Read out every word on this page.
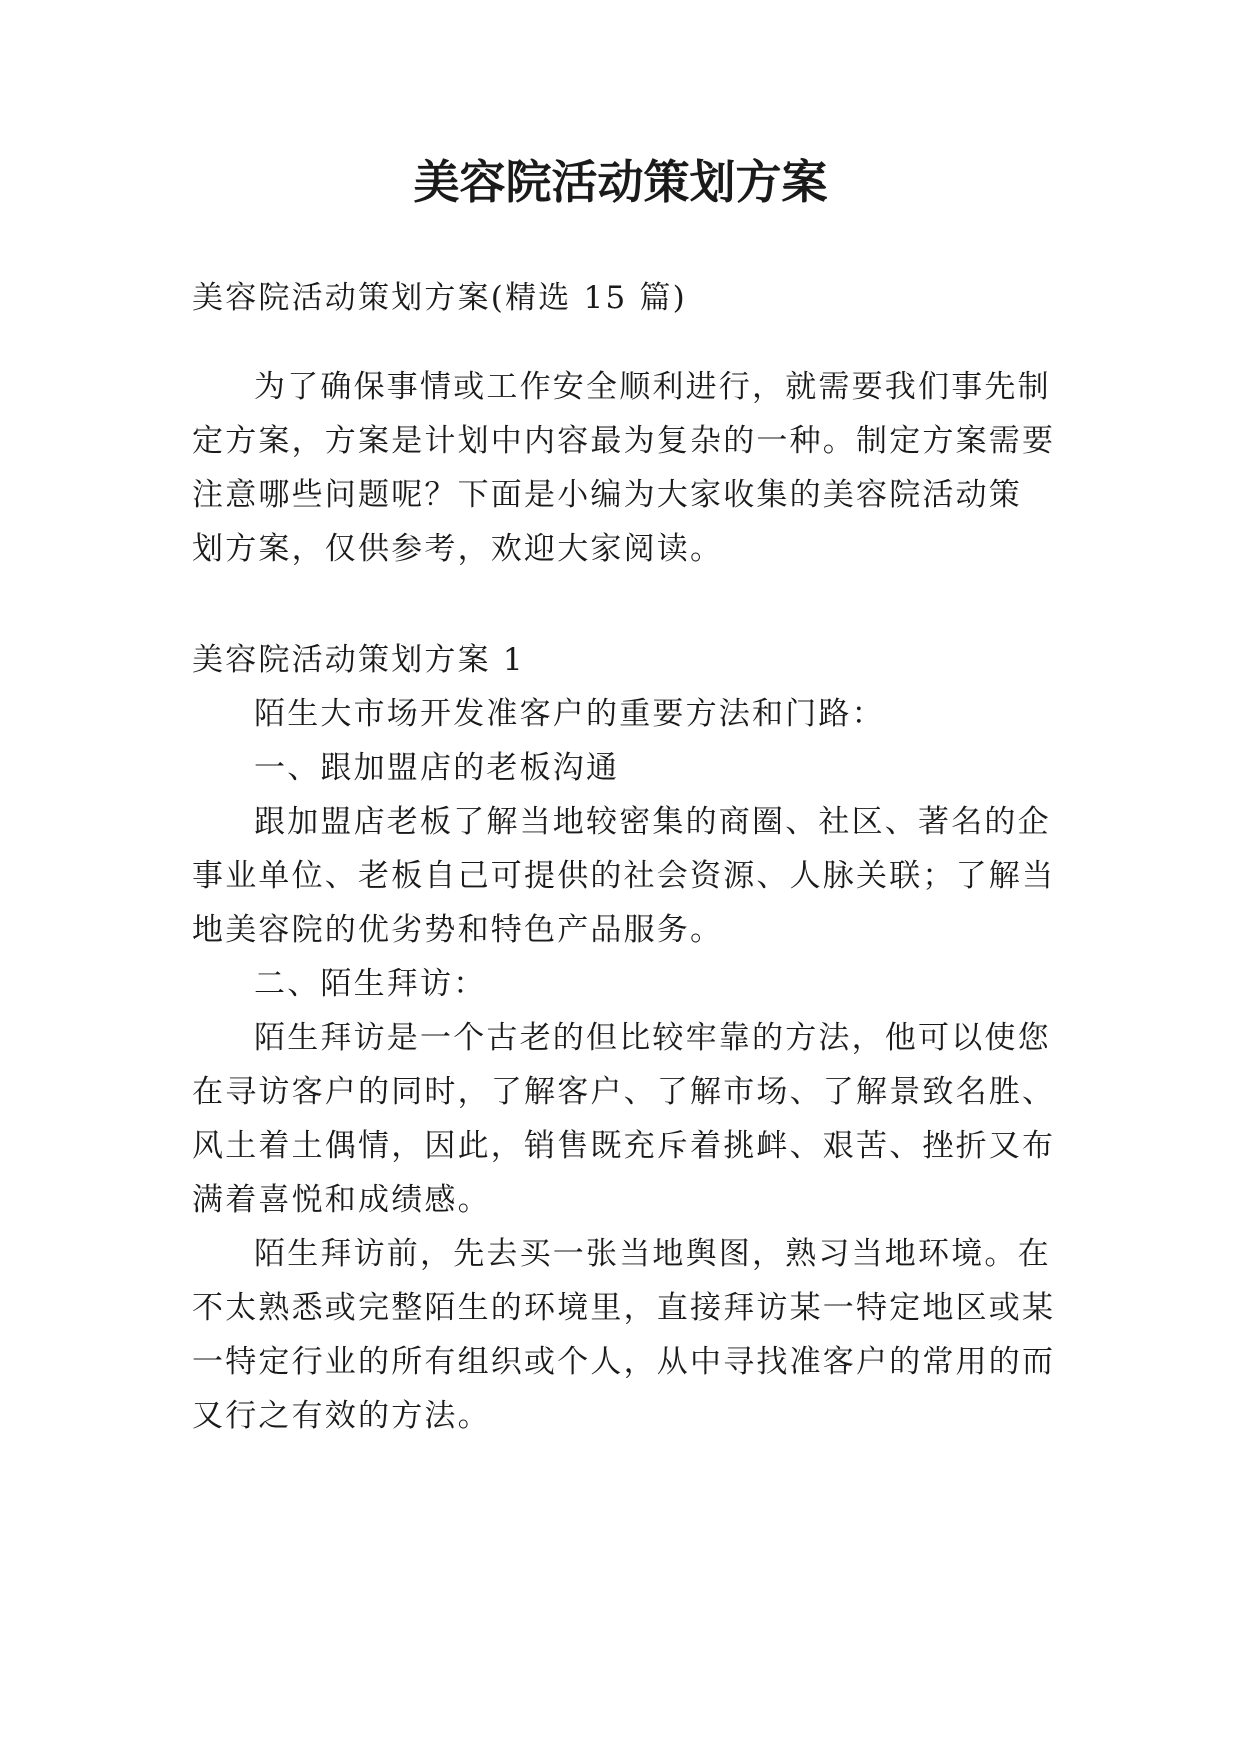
美容院活动策划方案

美容院活动策划方案(精选 15 篇)

为了确保事情或工作安全顺利进行，就需要我们事先制

定方案，方案是计划中内容最为复杂的一种。制定方案需要

注意哪些问题呢？下面是小编为大家收集的美容院活动策

划方案，仅供参考，欢迎大家阅读。

美容院活动策划方案 1

陌生大市场开发准客户的重要方法和门路：

一、跟加盟店的老板沟通

跟加盟店老板了解当地较密集的商圈、社区、著名的企

事业单位、老板自己可提供的社会资源、人脉关联；了解当

地美容院的优劣势和特色产品服务。

二、陌生拜访：

陌生拜访是一个古老的但比较牢靠的方法，他可以使您

在寻访客户的同时，了解客户、了解市场、了解景致名胜、

风土着土偶情，因此，销售既充斥着挑衅、艰苦、挫折又布

满着喜悦和成绩感。

陌生拜访前，先去买一张当地舆图，熟习当地环境。在

不太熟悉或完整陌生的环境里，直接拜访某一特定地区或某

一特定行业的所有组织或个人，从中寻找准客户的常用的而

又行之有效的方法。
